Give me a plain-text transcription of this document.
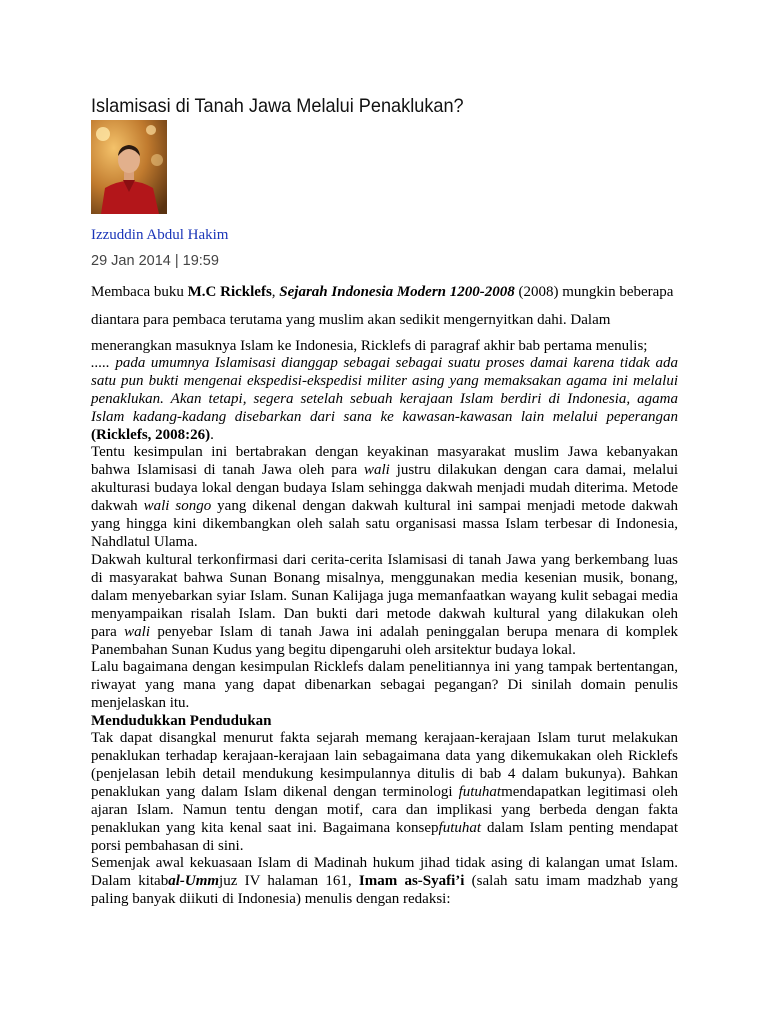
Islamisasi di Tanah Jawa Melalui Penaklukan?
Izzuddin Abdul Hakim
29 Jan 2014 | 19:59
Membaca buku M.C Ricklefs, Sejarah Indonesia Modern 1200-2008 (2008) mungkin beberapa
diantara para pembaca terutama yang muslim akan sedikit mengernyitkan dahi. Dalam
menerangkan masuknya Islam ke Indonesia, Ricklefs di paragraf akhir bab pertama menulis;
..... pada umumnya Islamisasi dianggap sebagai sebagai suatu proses damai karena tidak ada
satu pun bukti mengenai ekspedisi-ekspedisi militer asing yang memaksakan agama ini melalui
penaklukan. Akan tetapi, segera setelah sebuah kerajaan Islam berdiri di Indonesia, agama
Islam kadang-kadang disebarkan dari sana ke kawasan-kawasan lain melalui peperangan
(Ricklefs, 2008:26).
Tentu kesimpulan ini bertabrakan dengan keyakinan masyarakat muslim Jawa kebanyakan
bahwa Islamisasi di tanah Jawa oleh para wali justru dilakukan dengan cara damai, melalui
akulturasi budaya lokal dengan budaya Islam sehingga dakwah menjadi mudah diterima. Metode
dakwah wali songo yang dikenal dengan dakwah kultural ini sampai menjadi metode dakwah
yang hingga kini dikembangkan oleh salah satu organisasi massa Islam terbesar di Indonesia,
Nahdlatul Ulama.
Dakwah kultural terkonfirmasi dari cerita-cerita Islamisasi di tanah Jawa yang berkembang luas
di masyarakat bahwa Sunan Bonang misalnya, menggunakan media kesenian musik, bonang,
dalam menyebarkan syiar Islam. Sunan Kalijaga juga memanfaatkan wayang kulit sebagai media
menyampaikan risalah Islam. Dan bukti dari metode dakwah kultural yang dilakukan oleh
para wali penyebar Islam di tanah Jawa ini adalah peninggalan berupa menara di komplek
Panembahan Sunan Kudus yang begitu dipengaruhi oleh arsitektur budaya lokal.
Lalu bagaimana dengan kesimpulan Ricklefs dalam penelitiannya ini yang tampak bertentangan,
riwayat yang mana yang dapat dibenarkan sebagai pegangan? Di sinilah domain penulis
menjelaskan itu.
Mendudukkan Pendudukan
Tak dapat disangkal menurut fakta sejarah memang kerajaan-kerajaan Islam turut melakukan
penaklukan terhadap kerajaan-kerajaan lain sebagaimana data yang dikemukakan oleh Ricklefs
(penjelasan lebih detail mendukung kesimpulannya ditulis di bab 4 dalam bukunya). Bahkan
penaklukan yang dalam Islam dikenal dengan terminologi futuhatmendapatkan legitimasi oleh
ajaran Islam. Namun tentu dengan motif, cara dan implikasi yang berbeda dengan fakta
penaklukan yang kita kenal saat ini. Bagaimana konsepfutuhat dalam Islam penting mendapat
porsi pembahasan di sini.
Semenjak awal kekuasaan Islam di Madinah hukum jihad tidak asing di kalangan umat Islam.
Dalam kitabal-Ummjuz IV halaman 161, Imam as-Syafi’i (salah satu imam madzhab yang
paling banyak diikuti di Indonesia) menulis dengan redaksi:
